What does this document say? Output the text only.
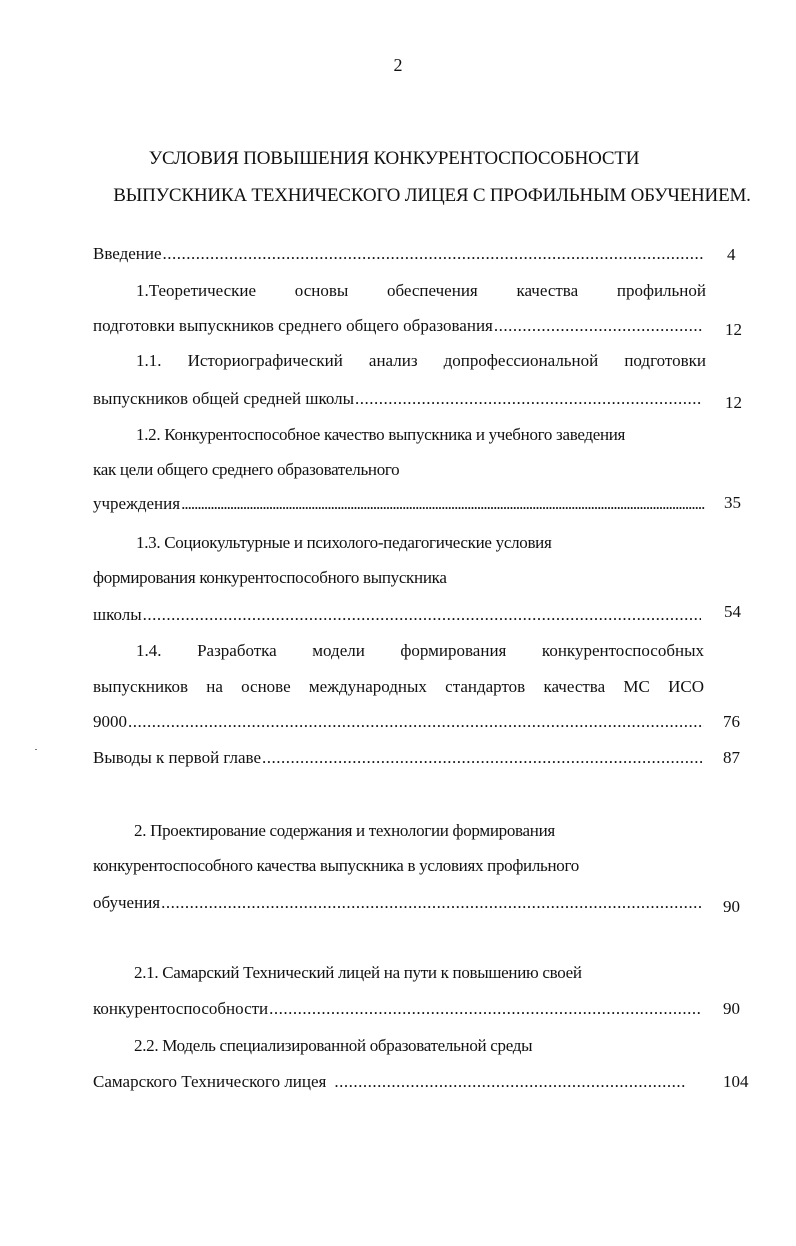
2
УСЛОВИЯ ПОВЫШЕНИЯ КОНКУРЕНТОСПОСОБНОСТИ
ВЫПУСКНИКА ТЕХНИЧЕСКОГО ЛИЦЕЯ С ПРОФИЛЬНЫМ ОБУЧЕНИЕМ.
Введение .....	4
1.Теоретические основы обеспечения качества профильной
подготовки выпускников среднего общего образования .....	12
1.1. Историографический анализ допрофессиональной подготовки
выпускников общей средней школы .....	12
1.2. Конкурентоспособное качество выпускника и учебного заведения
как цели общего среднего образовательного
учреждения .....	35
1.3. Социокультурные и психолого-педагогические условия
формирования конкурентоспособного выпускника
школы .....	54
1.4. Разработка модели формирования конкурентоспособных
выпускников на основе международных стандартов качества МС ИСО
9000 .....	76
Выводы к первой главе .....	87
2. Проектирование содержания и технологии формирования
конкурентоспособного качества выпускника в условиях профильного
обучения .....	90
2.1. Самарский Технический лицей на пути к повышению своей
конкурентоспособности .....	90
2.2. Модель специализированной образовательной среды
Самарского Технического лицея .....	104
